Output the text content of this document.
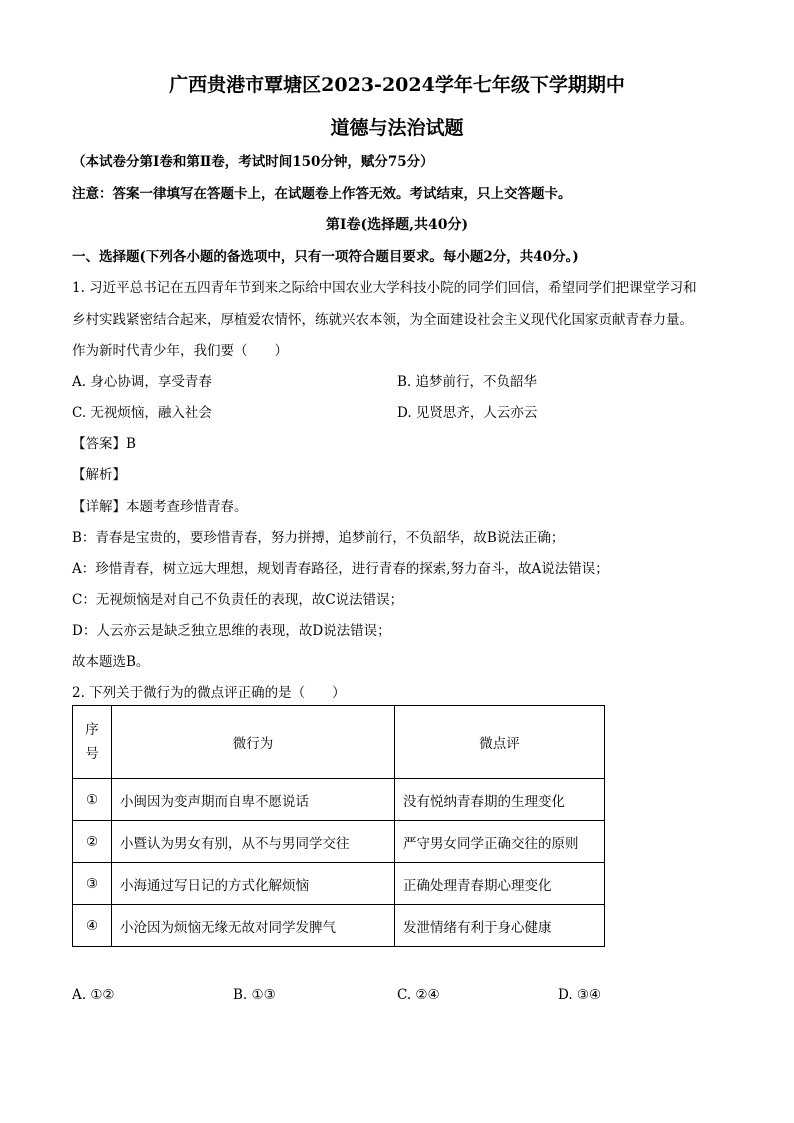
广西贵港市覃塘区2023-2024学年七年级下学期期中
道德与法治试题
（本试卷分第Ⅰ卷和第Ⅱ卷，考试时间150分钟，赋分75分）
注意：答案一律填写在答题卡上，在试题卷上作答无效。考试结束，只上交答题卡。
第Ⅰ卷(选择题,共40分)
一、选择题(下列各小题的备选项中，只有一项符合题目要求。每小题2分，共40分。)
1. 习近平总书记在五四青年节到来之际给中国农业大学科技小院的同学们回信，希望同学们把课堂学习和
乡村实践紧密结合起来，厚植爱农情怀，练就兴农本领，为全面建设社会主义现代化国家贡献青春力量。
作为新时代青少年，我们要（　　）
A. 身心协调，享受青春	B. 追梦前行，不负韶华
C. 无视烦恼，融入社会	D. 见贤思齐，人云亦云
【答案】B
【解析】
【详解】本题考查珍惜青春。
B：青春是宝贵的，要珍惜青春，努力拼搏，追梦前行，不负韶华，故B说法正确；
A：珍惜青春，树立远大理想，规划青春路径，进行青春的探索,努力奋斗，故A说法错误；
C：无视烦恼是对自己不负责任的表现，故C说法错误；
D：人云亦云是缺乏独立思维的表现，故D说法错误；
故本题选B。
2. 下列关于微行为的微点评正确的是（　　）
序
号	微行为	微点评
①	小闽因为变声期而自卑不愿说话	没有悦纳青春期的生理变化
②	小暨认为男女有别，从不与男同学交往	严守男女同学正确交往的原则
③	小海通过写日记的方式化解烦恼	正确处理青春期心理变化
④	小沧因为烦恼无缘无故对同学发脾气	发泄情绪有利于身心健康
A. ①②	B. ①③	C. ②④	D. ③④
